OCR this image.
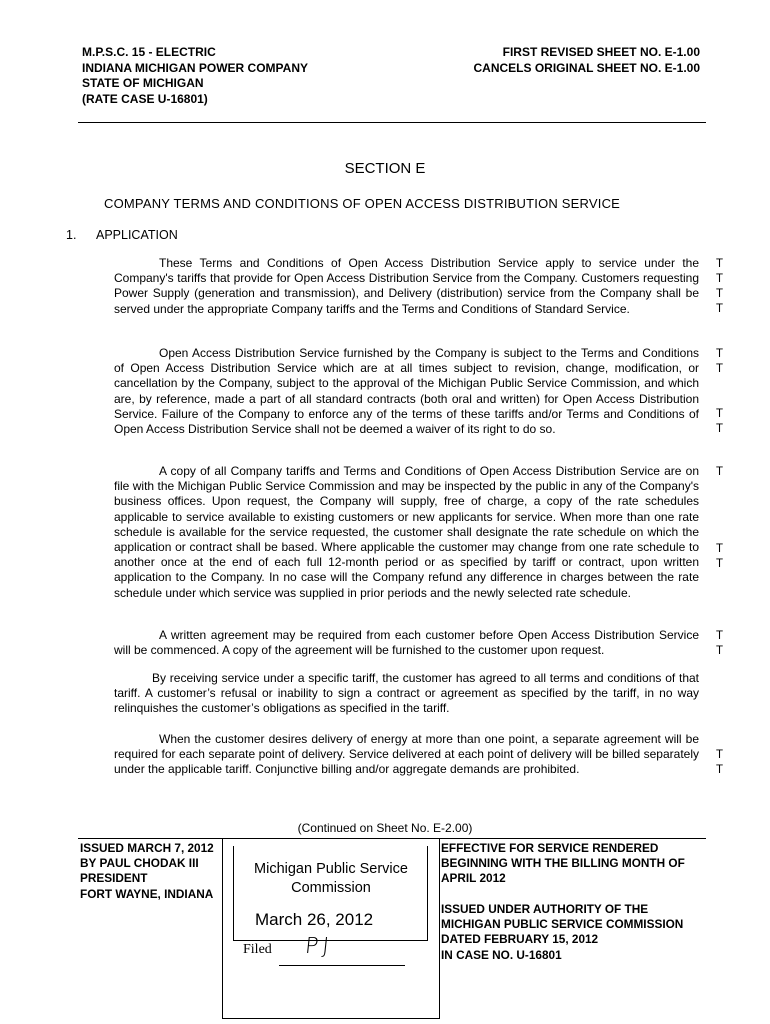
M.P.S.C. 15 - ELECTRIC
INDIANA MICHIGAN POWER COMPANY
STATE OF MICHIGAN
(RATE CASE U-16801)
FIRST REVISED SHEET NO. E-1.00
CANCELS ORIGINAL SHEET NO. E-1.00
SECTION E
COMPANY TERMS AND CONDITIONS OF OPEN ACCESS DISTRIBUTION SERVICE
1. APPLICATION
These Terms and Conditions of Open Access Distribution Service apply to service under the Company's tariffs that provide for Open Access Distribution Service from the Company. Customers requesting Power Supply (generation and transmission), and Delivery (distribution) service from the Company shall be served under the appropriate Company tariffs and the Terms and Conditions of Standard Service.
Open Access Distribution Service furnished by the Company is subject to the Terms and Conditions of Open Access Distribution Service which are at all times subject to revision, change, modification, or cancellation by the Company, subject to the approval of the Michigan Public Service Commission, and which are, by reference, made a part of all standard contracts (both oral and written) for Open Access Distribution Service. Failure of the Company to enforce any of the terms of these tariffs and/or Terms and Conditions of Open Access Distribution Service shall not be deemed a waiver of its right to do so.
A copy of all Company tariffs and Terms and Conditions of Open Access Distribution Service are on file with the Michigan Public Service Commission and may be inspected by the public in any of the Company's business offices. Upon request, the Company will supply, free of charge, a copy of the rate schedules applicable to service available to existing customers or new applicants for service. When more than one rate schedule is available for the service requested, the customer shall designate the rate schedule on which the application or contract shall be based. Where applicable the customer may change from one rate schedule to another once at the end of each full 12-month period or as specified by tariff or contract, upon written application to the Company. In no case will the Company refund any difference in charges between the rate schedule under which service was supplied in prior periods and the newly selected rate schedule.
A written agreement may be required from each customer before Open Access Distribution Service will be commenced. A copy of the agreement will be furnished to the customer upon request.
By receiving service under a specific tariff, the customer has agreed to all terms and conditions of that tariff. A customer’s refusal or inability to sign a contract or agreement as specified by the tariff, in no way relinquishes the customer’s obligations as specified in the tariff.
When the customer desires delivery of energy at more than one point, a separate agreement will be required for each separate point of delivery. Service delivered at each point of delivery will be billed separately under the applicable tariff. Conjunctive billing and/or aggregate demands are prohibited.
T
T
T
T
T
T
T
T
T
T
T
T
T
T
T
(Continued on Sheet No. E-2.00)
ISSUED MARCH 7, 2012
BY PAUL CHODAK III
PRESIDENT
FORT WAYNE, INDIANA
EFFECTIVE FOR SERVICE RENDERED
BEGINNING WITH THE BILLING MONTH OF
APRIL 2012
ISSUED UNDER AUTHORITY OF THE
MICHIGAN PUBLIC SERVICE COMMISSION
DATED FEBRUARY 15, 2012
IN CASE NO. U-16801
Michigan Public Service
Commission
March 26, 2012
Filed PJ
